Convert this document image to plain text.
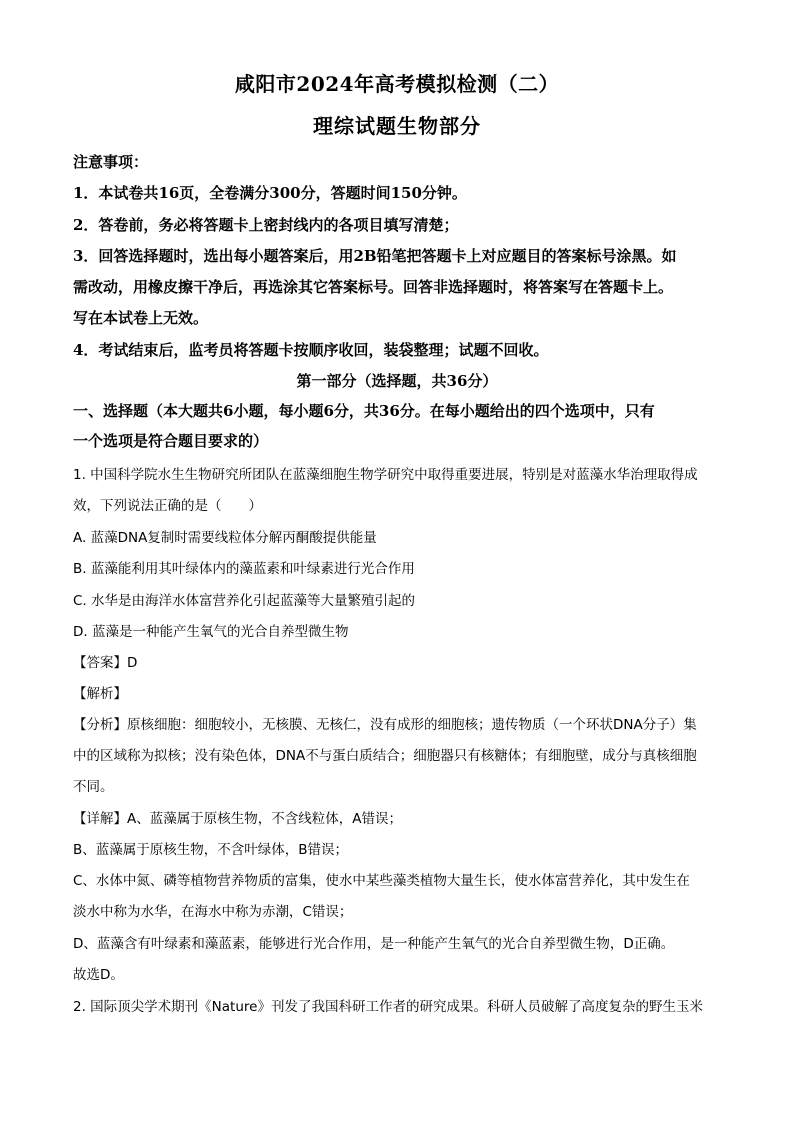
咸阳市2024年高考模拟检测（二）
理综试题生物部分
注意事项：
1．本试卷共16页，全卷满分300分，答题时间150分钟。
2．答卷前，务必将答题卡上密封线内的各项目填写清楚；
3．回答选择题时，选出每小题答案后，用2B铅笔把答题卡上对应题目的答案标号涂黑。如
需改动，用橡皮擦干净后，再选涂其它答案标号。回答非选择题时，将答案写在答题卡上。
写在本试卷上无效。
4．考试结束后，监考员将答题卡按顺序收回，装袋整理；试题不回收。
第一部分（选择题，共36分）
一、选择题（本大题共6小题，每小题6分，共36分。在每小题给出的四个选项中，只有
一个选项是符合题目要求的）
1. 中国科学院水生生物研究所团队在蓝藻细胞生物学研究中取得重要进展，特别是对蓝藻水华治理取得成
效，下列说法正确的是（　　）
A. 蓝藻DNA复制时需要线粒体分解丙酮酸提供能量
B. 蓝藻能利用其叶绿体内的藻蓝素和叶绿素进行光合作用
C. 水华是由海洋水体富营养化引起蓝藻等大量繁殖引起的
D. 蓝藻是一种能产生氧气的光合自养型微生物
【答案】D
【解析】
【分析】原核细胞：细胞较小，无核膜、无核仁，没有成形的细胞核；遗传物质（一个环状DNA分子）集
中的区域称为拟核；没有染色体，DNA不与蛋白质结合；细胞器只有核糖体；有细胞壁，成分与真核细胞
不同。
【详解】A、蓝藻属于原核生物，不含线粒体，A错误；
B、蓝藻属于原核生物，不含叶绿体，B错误；
C、水体中氮、磷等植物营养物质的富集，使水中某些藻类植物大量生长，使水体富营养化，其中发生在
淡水中称为水华，在海水中称为赤潮，C错误；
D、蓝藻含有叶绿素和藻蓝素，能够进行光合作用，是一种能产生氧气的光合自养型微生物，D正确。
故选D。
2. 国际顶尖学术期刊《Nature》刊发了我国科研工作者的研究成果。科研人员破解了高度复杂的野生玉米
